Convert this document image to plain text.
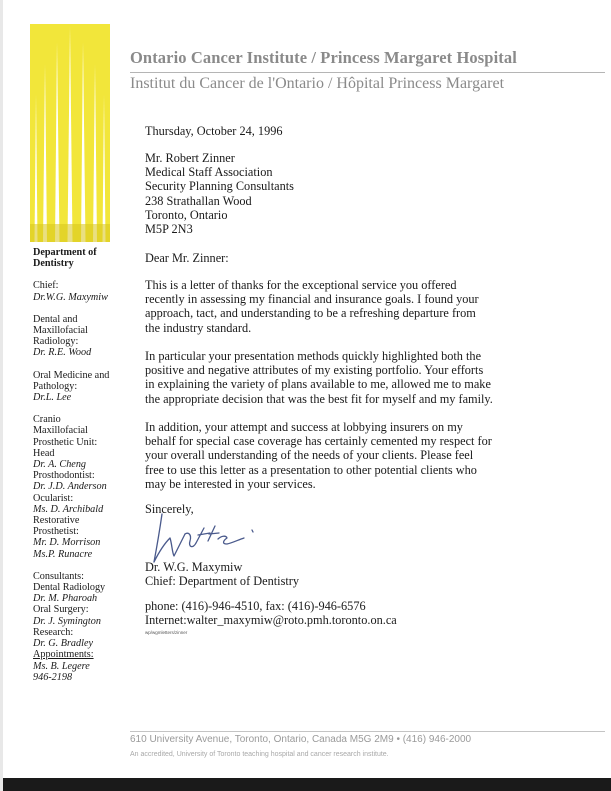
Ontario Cancer Institute / Princess Margaret Hospital
Institut du Cancer de l'Ontario / Hôpital Princess Margaret
Department of
Dentistry
Chief:
Dr.W.G. Maxymiw
Dental and
Maxillofacial
Radiology:
Dr. R.E. Wood
Oral Medicine and
Pathology:
Dr.L. Lee
Cranio
Maxillofacial
Prosthetic Unit:
Head
Dr. A. Cheng
Prosthodontist:
Dr. J.D. Anderson
Ocularist:
Ms. D. Archibald
Restorative
Prosthetist:
Mr. D. Morrison
Ms.P. Runacre
Consultants:
Dental Radiology
Dr. M. Pharoah
Oral Surgery:
Dr. J. Symington
Research:
Dr. G. Bradley
Appointments:
Ms. B. Legere
946-2198
Thursday, October 24, 1996
Mr. Robert Zinner
Medical Staff Association
Security Planning Consultants
238 Strathallan Wood
Toronto, Ontario
M5P 2N3
Dear Mr. Zinner:
This is a letter of thanks for the exceptional service you offered
recently in assessing my financial and insurance goals. I found your
approach, tact, and understanding to be a refreshing departure from
the industry standard.
In particular your presentation methods quickly highlighted both the
positive and negative attributes of my existing portfolio. Your efforts
in explaining the variety of plans available to me, allowed me to make
the appropriate decision that was the best fit for myself and my family.
In addition, your attempt and success at lobbying insurers on my
behalf for special case coverage has certainly cemented my respect for
your overall understanding of the needs of your clients. Please feel
free to use this letter as a presentation to other potential clients who
may be interested in your services.
Sincerely,
Dr. W.G. Maxymiw
Chief: Department of Dentistry
phone: (416)-946-4510, fax: (416)-946-6576
Internet:walter_maxymiw@roto.pmh.toronto.on.ca
wp/wgmletters/zinner
610 University Avenue, Toronto, Ontario, Canada M5G 2M9 • (416) 946-2000
An accredited, University of Toronto teaching hospital and cancer research institute.
